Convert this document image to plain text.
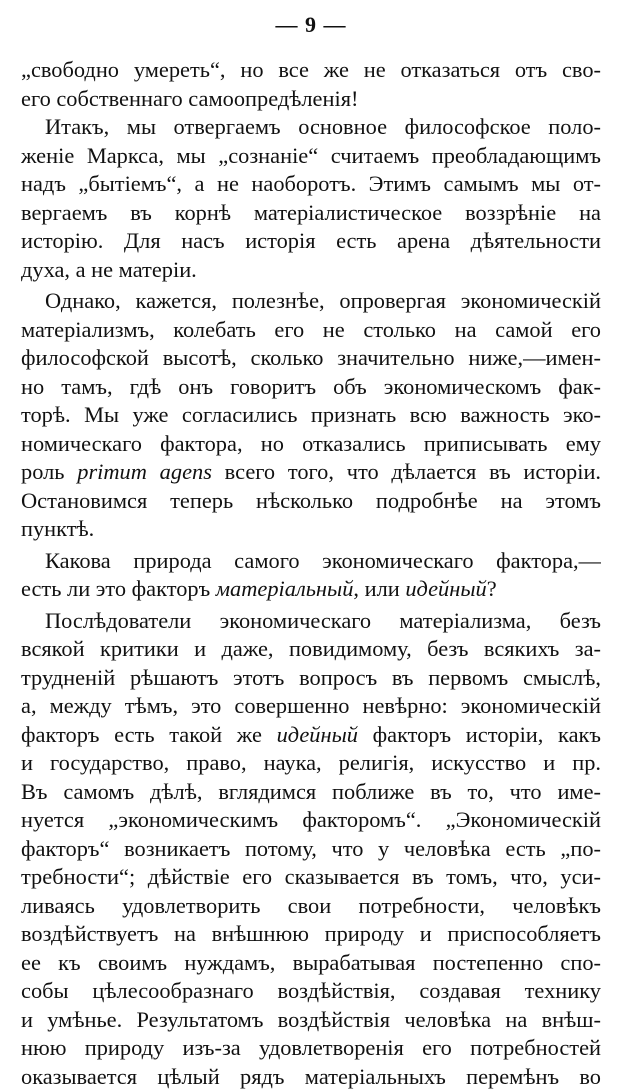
— 9 —
„свободно умереть“, но все же не отказаться отъ сво-
его собственнаго самоопредѣленія!
Итакъ, мы отвергаемъ основное философское поло-
женіе Маркса, мы „сознаніе“ считаемъ преобладающимъ
надъ „бытіемъ“, а не наоборотъ. Этимъ самымъ мы от-
вергаемъ въ корнѣ матеріалистическое воззрѣніе на
исторію. Для насъ исторія есть арена дѣятельности
духа, а не матеріи.
Однако, кажется, полезнѣе, опровергая экономическій
матеріализмъ, колебать его не столько на самой его
философской высотѣ, сколько значительно ниже,—имен-
но тамъ, гдѣ онъ говоритъ объ экономическомъ фак-
торѣ. Мы уже согласились признать всю важность эко-
номическаго фактора, но отказались приписывать ему
роль primum agens всего того, что дѣлается въ исторіи.
Остановимся теперь нѣсколько подробнѣе на этомъ
пунктѣ.
Какова природа самого экономическаго фактора,—
есть ли это факторъ матеріальный, или идейный?
Послѣдователи экономическаго матеріализма, безъ
всякой критики и даже, повидимому, безъ всякихъ за-
трудненій рѣшаютъ этотъ вопросъ въ первомъ смыслѣ,
а, между тѣмъ, это совершенно невѣрно: экономическій
факторъ есть такой же идейный факторъ исторіи, какъ
и государство, право, наука, религія, искусство и пр.
Въ самомъ дѣлѣ, вглядимся поближе въ то, что име-
нуется „экономическимъ факторомъ“. „Экономическій
факторъ“ возникаетъ потому, что у человѣка есть „по-
требности“; дѣйствіе его сказывается въ томъ, что, уси-
ливаясь удовлетворить свои потребности, человѣкъ
воздѣйствуетъ на внѣшнюю природу и приспособляетъ
ее къ своимъ нуждамъ, вырабатывая постепенно спо-
собы цѣлесообразнаго воздѣйствія, создавая технику
и умѣнье. Результатомъ воздѣйствія человѣка на внѣш-
нюю природу изъ-за удовлетворенія его потребностей
оказывается цѣлый рядъ матеріальныхъ перемѣнъ во
